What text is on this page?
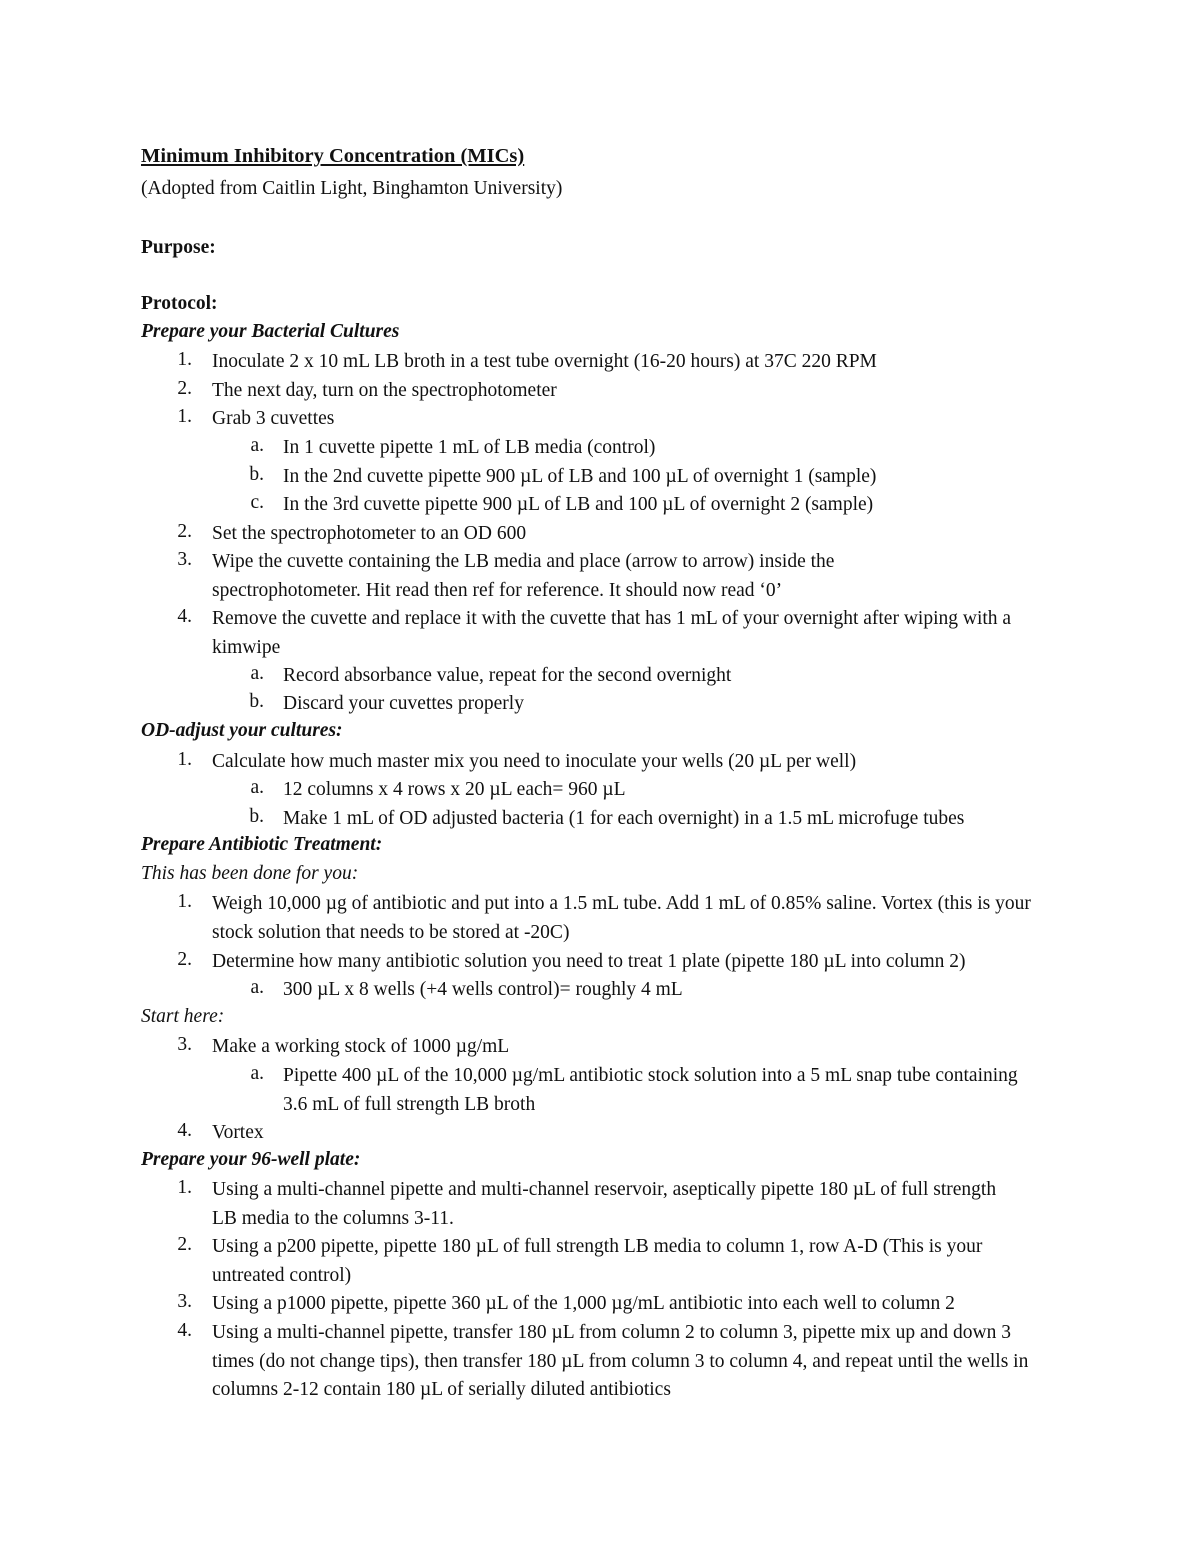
Minimum Inhibitory Concentration (MICs)
(Adopted from Caitlin Light, Binghamton University)
Purpose:
Protocol:
Prepare your Bacterial Cultures
1. Inoculate 2 x 10 mL LB broth in a test tube overnight (16-20 hours) at 37C 220 RPM
2. The next day, turn on the spectrophotometer
1. Grab 3 cuvettes
a. In 1 cuvette pipette 1 mL of LB media (control)
b. In the 2nd cuvette pipette 900 µL of LB and 100 µL of overnight 1 (sample)
c. In the 3rd cuvette pipette 900 µL of LB and 100 µL of overnight 2 (sample)
2. Set the spectrophotometer to an OD 600
3. Wipe the cuvette containing the LB media and place (arrow to arrow) inside the spectrophotometer. Hit read then ref for reference. It should now read ‘0’
4. Remove the cuvette and replace it with the cuvette that has 1 mL of your overnight after wiping with a kimwipe
a. Record absorbance value, repeat for the second overnight
b. Discard your cuvettes properly
OD-adjust your cultures:
1. Calculate how much master mix you need to inoculate your wells (20 µL per well)
a. 12 columns x 4 rows x 20 µL each= 960 µL
b. Make 1 mL of OD adjusted bacteria (1 for each overnight) in a 1.5 mL microfuge tubes
Prepare Antibiotic Treatment:
This has been done for you:
1. Weigh 10,000 µg of antibiotic and put into a 1.5 mL tube. Add 1 mL of 0.85% saline. Vortex (this is your stock solution that needs to be stored at -20C)
2. Determine how many antibiotic solution you need to treat 1 plate (pipette 180 µL into column 2)
a. 300 µL x 8 wells (+4 wells control)= roughly 4 mL
Start here:
3. Make a working stock of 1000 µg/mL
a. Pipette 400 µL of the 10,000 µg/mL antibiotic stock solution into a 5 mL snap tube containing 3.6 mL of full strength LB broth
4. Vortex
Prepare your 96-well plate:
1. Using a multi-channel pipette and multi-channel reservoir, aseptically pipette 180 µL of full strength LB media to the columns 3-11.
2. Using a p200 pipette, pipette 180 µL of full strength LB media to column 1, row A-D (This is your untreated control)
3. Using a p1000 pipette, pipette 360 µL of the 1,000 µg/mL antibiotic into each well to column 2
4. Using a multi-channel pipette, transfer 180 µL from column 2 to column 3, pipette mix up and down 3 times (do not change tips), then transfer 180 µL from column 3 to column 4, and repeat until the wells in columns 2-12 contain 180 µL of serially diluted antibiotics
